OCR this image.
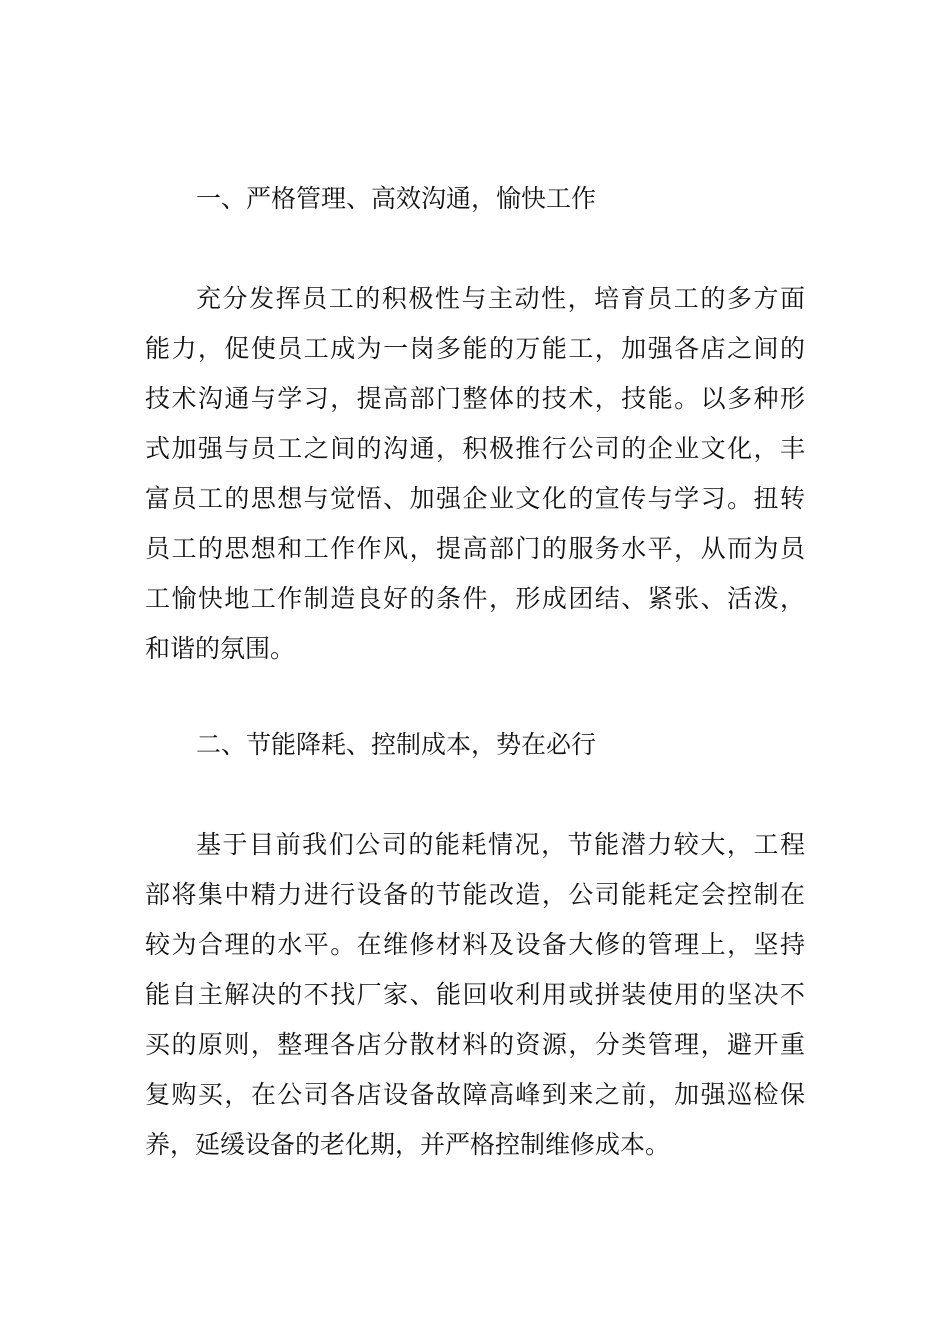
一、严格管理、高效沟通，愉快工作
充分发挥员工的积极性与主动性，培育员工的多方面
能力，促使员工成为一岗多能的万能工，加强各店之间的
技术沟通与学习，提高部门整体的技术，技能。以多种形
式加强与员工之间的沟通，积极推行公司的企业文化，丰
富员工的思想与觉悟、加强企业文化的宣传与学习。扭转
员工的思想和工作作风，提高部门的服务水平，从而为员
工愉快地工作制造良好的条件，形成团结、紧张、活泼，
和谐的氛围。
二、节能降耗、控制成本，势在必行
基于目前我们公司的能耗情况，节能潜力较大，工程
部将集中精力进行设备的节能改造，公司能耗定会控制在
较为合理的水平。在维修材料及设备大修的管理上，坚持
能自主解决的不找厂家、能回收利用或拼装使用的坚决不
买的原则，整理各店分散材料的资源，分类管理，避开重
复购买，在公司各店设备故障高峰到来之前，加强巡检保
养，延缓设备的老化期，并严格控制维修成本。
